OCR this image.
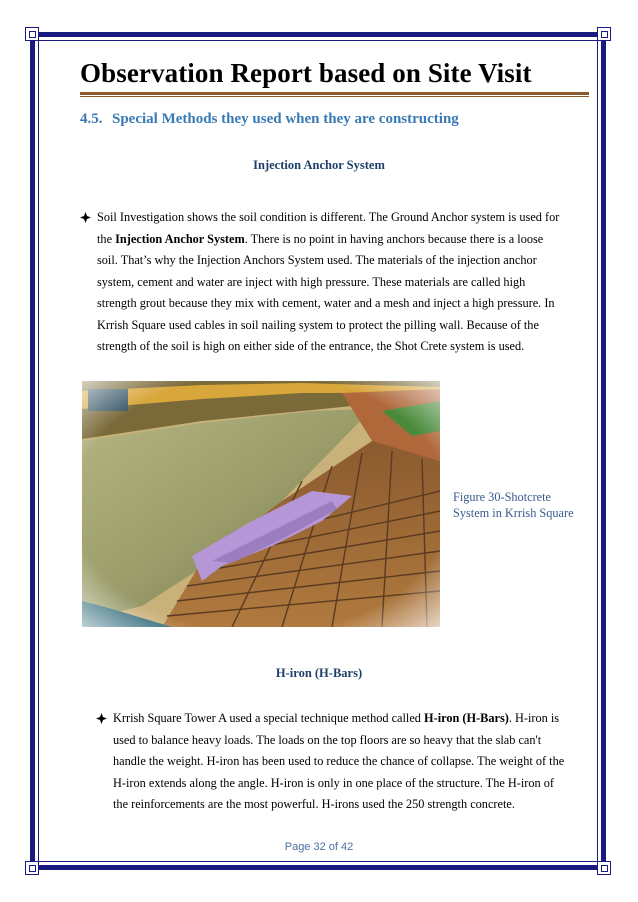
Observation Report based on Site Visit
4.5. Special Methods they used when they are constructing
Injection Anchor System
Soil Investigation shows the soil condition is different. The Ground Anchor system is used for
the Injection Anchor System. There is no point in having anchors because there is a loose
soil. That’s why the Injection Anchors System used. The materials of the injection anchor
system, cement and water are inject with high pressure. These materials are called high
strength grout because they mix with cement, water and a mesh and inject a high pressure. In
Krrish Square used cables in soil nailing system to protect the pilling wall. Because of the
strength of the soil is high on either side of the entrance, the Shot Crete system is used.
Figure 30-Shotcrete
System in Krrish Square
H-iron (H-Bars)
Krrish Square Tower A used a special technique method called H-iron (H-Bars). H-iron is
used to balance heavy loads. The loads on the top floors are so heavy that the slab can't
handle the weight. H-iron has been used to reduce the chance of collapse. The weight of the
H-iron extends along the angle. H-iron is only in one place of the structure. The H-iron of
the reinforcements are the most powerful. H-irons used the 250 strength concrete.
Page 32 of 42
